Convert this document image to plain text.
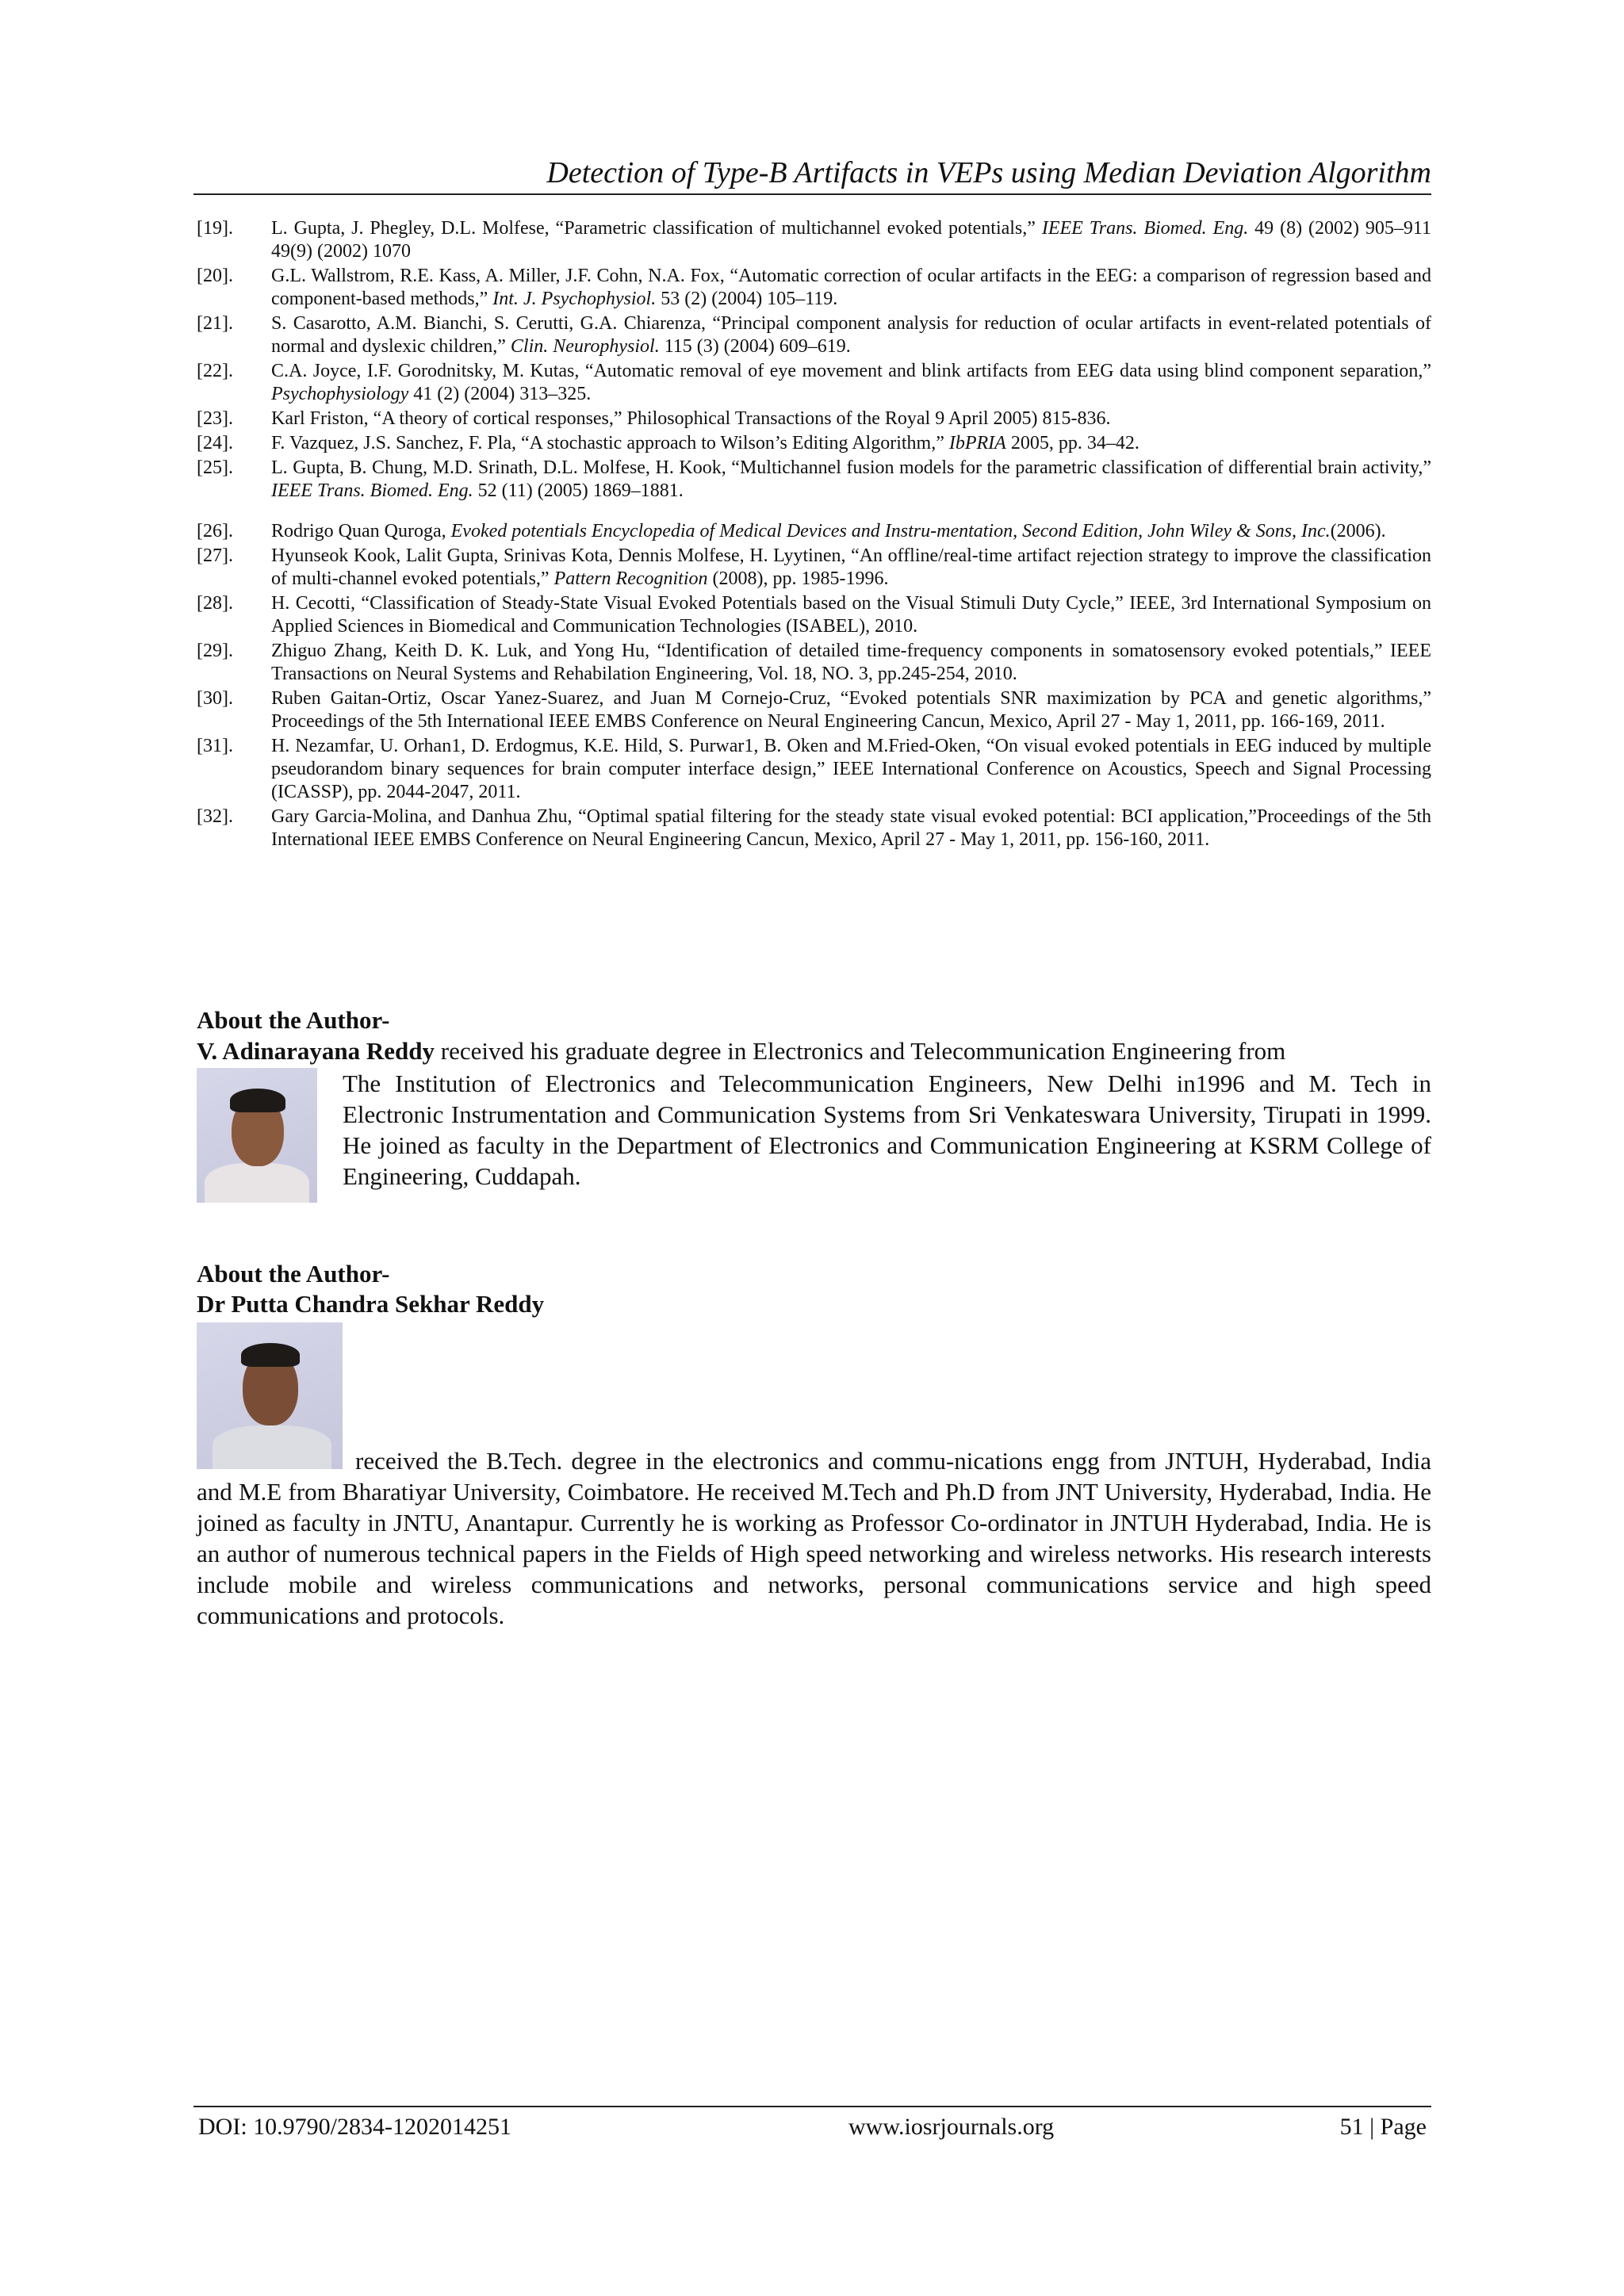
Detection of Type-B Artifacts in VEPs using Median Deviation Algorithm
[19].	L. Gupta, J. Phegley, D.L. Molfese, “Parametric classification of multichannel evoked potentials,” IEEE Trans. Biomed. Eng. 49 (8) (2002) 905–911 49(9) (2002) 1070
[20].	G.L. Wallstrom, R.E. Kass, A. Miller, J.F. Cohn, N.A. Fox, “Automatic correction of ocular artifacts in the EEG: a comparison of regression based and component-based methods,” Int. J. Psychophysiol. 53 (2) (2004) 105–119.
[21].	S. Casarotto, A.M. Bianchi, S. Cerutti, G.A. Chiarenza, “Principal component analysis for reduction of ocular artifacts in event-related potentials of normal and dyslexic children,” Clin. Neurophysiol. 115 (3) (2004) 609–619.
[22].	C.A. Joyce, I.F. Gorodnitsky, M. Kutas, “Automatic removal of eye movement and blink artifacts from EEG data using blind component separation,” Psychophysiology 41 (2) (2004) 313–325.
[23].	Karl Friston, “A theory of cortical responses,” Philosophical Transactions of the Royal 9 April 2005) 815-836.
[24].	F. Vazquez, J.S. Sanchez, F. Pla, “A stochastic approach to Wilson’s Editing Algorithm,” IbPRIA 2005, pp. 34–42.
[25].	L. Gupta, B. Chung, M.D. Srinath, D.L. Molfese, H. Kook, “Multichannel fusion models for the parametric classification of differential brain activity,” IEEE Trans. Biomed. Eng. 52 (11) (2005) 1869–1881.
[26].	Rodrigo Quan Quroga, Evoked potentials Encyclopedia of Medical Devices and Instru-mentation, Second Edition, John Wiley & Sons, Inc.(2006).
[27].	Hyunseok Kook, Lalit Gupta, Srinivas Kota, Dennis Molfese, H. Lyytinen, “An offline/real-time artifact rejection strategy to improve the classification of multi-channel evoked potentials,” Pattern Recognition (2008), pp. 1985-1996.
[28].	H. Cecotti, “Classification of Steady-State Visual Evoked Potentials based on the Visual Stimuli Duty Cycle,” IEEE, 3rd International Symposium on Applied Sciences in Biomedical and Communication Technologies (ISABEL), 2010.
[29].	Zhiguo Zhang, Keith D. K. Luk, and Yong Hu, “Identification of detailed time-frequency components in somatosensory evoked potentials,” IEEE Transactions on Neural Systems and Rehabilation Engineering, Vol. 18, NO. 3, pp.245-254, 2010.
[30].	Ruben Gaitan-Ortiz, Oscar Yanez-Suarez, and Juan M Cornejo-Cruz, “Evoked potentials SNR maximization by PCA and genetic algorithms,” Proceedings of the 5th International IEEE EMBS Conference on Neural Engineering Cancun, Mexico, April 27 - May 1, 2011, pp. 166-169, 2011.
[31].	H. Nezamfar, U. Orhan1, D. Erdogmus, K.E. Hild, S. Purwar1, B. Oken and M.Fried-Oken, “On visual evoked potentials in EEG induced by multiple pseudorandom binary sequences for brain computer interface design,” IEEE International Conference on Acoustics, Speech and Signal Processing (ICASSP), pp. 2044-2047, 2011.
[32].	Gary Garcia-Molina, and Danhua Zhu, “Optimal spatial filtering for the steady state visual evoked potential: BCI application,”Proceedings of the 5th International IEEE EMBS Conference on Neural Engineering Cancun, Mexico, April 27 - May 1, 2011, pp. 156-160, 2011.
About the Author-
V. Adinarayana Reddy received his graduate degree in Electronics and Telecommunication Engineering from
The Institution of Electronics and Telecommunication Engineers, New Delhi in1996 and M. Tech in Electronic Instrumentation and Communication Systems from Sri Venkateswara University, Tirupati in 1999. He joined as faculty in the Department of Electronics and Communication Engineering at KSRM College of Engineering, Cuddapah.
About the Author-
Dr Putta Chandra Sekhar Reddy
received the B.Tech. degree in the electronics and commu-nications engg from JNTUH, Hyderabad, India and M.E from Bharatiyar University, Coimbatore. He received M.Tech and Ph.D from JNT University, Hyderabad, India. He joined as faculty in JNTU, Anantapur. Currently he is working as Professor Co-ordinator in JNTUH Hyderabad, India. He is an author of numerous technical papers in the Fields of High speed networking and wireless networks. His research interests include mobile and wireless communications and networks, personal communications service and high speed communications and protocols.
DOI: 10.9790/2834-1202014251	www.iosrjournals.org	51 | Page
